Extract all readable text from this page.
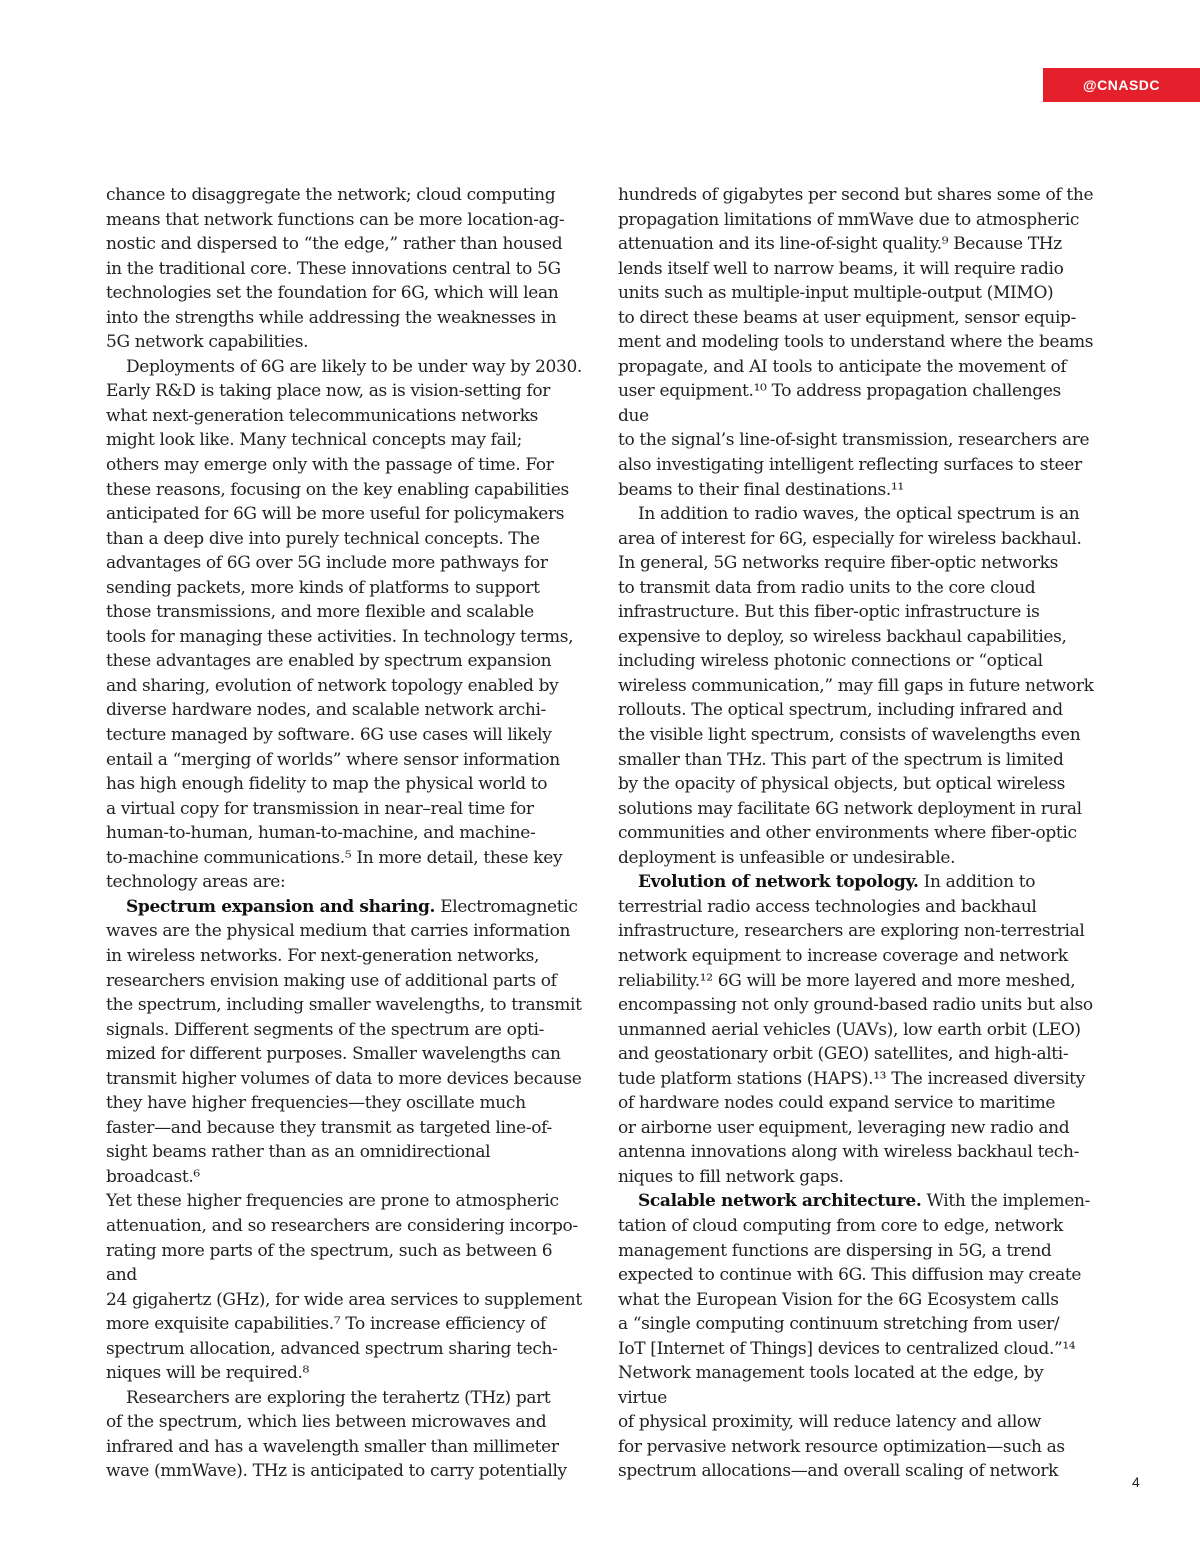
@CNASDC

chance to disaggregate the network; cloud computing
means that network functions can be more location-ag-
nostic and dispersed to “the edge,” rather than housed
in the traditional core. These innovations central to 5G
technologies set the foundation for 6G, which will lean
into the strengths while addressing the weaknesses in
5G network capabilities.

Deployments of 6G are likely to be under way by 2030.
Early R&D is taking place now, as is vision-setting for
what next-generation telecommunications networks
might look like. Many technical concepts may fail;
others may emerge only with the passage of time. For
these reasons, focusing on the key enabling capabilities
anticipated for 6G will be more useful for policymakers
than a deep dive into purely technical concepts. The
advantages of 6G over 5G include more pathways for
sending packets, more kinds of platforms to support
those transmissions, and more flexible and scalable
tools for managing these activities. In technology terms,
these advantages are enabled by spectrum expansion
and sharing, evolution of network topology enabled by
diverse hardware nodes, and scalable network archi-
tecture managed by software. 6G use cases will likely
entail a “merging of worlds” where sensor information
has high enough fidelity to map the physical world to
a virtual copy for transmission in near–real time for
human-to-human, human-to-machine, and machine-
to-machine communications.⁵ In more detail, these key
technology areas are:

Spectrum expansion and sharing. Electromagnetic
waves are the physical medium that carries information
in wireless networks. For next-generation networks,
researchers envision making use of additional parts of
the spectrum, including smaller wavelengths, to transmit
signals. Different segments of the spectrum are opti-
mized for different purposes. Smaller wavelengths can
transmit higher volumes of data to more devices because
they have higher frequencies—they oscillate much
faster—and because they transmit as targeted line-of-
sight beams rather than as an omnidirectional broadcast.⁶
Yet these higher frequencies are prone to atmospheric
attenuation, and so researchers are considering incorpo-
rating more parts of the spectrum, such as between 6 and
24 gigahertz (GHz), for wide area services to supplement
more exquisite capabilities.⁷ To increase efficiency of
spectrum allocation, advanced spectrum sharing tech-
niques will be required.⁸

Researchers are exploring the terahertz (THz) part
of the spectrum, which lies between microwaves and
infrared and has a wavelength smaller than millimeter
wave (mmWave). THz is anticipated to carry potentially

hundreds of gigabytes per second but shares some of the
propagation limitations of mmWave due to atmospheric
attenuation and its line-of-sight quality.⁹ Because THz
lends itself well to narrow beams, it will require radio
units such as multiple-input multiple-output (MIMO)
to direct these beams at user equipment, sensor equip-
ment and modeling tools to understand where the beams
propagate, and AI tools to anticipate the movement of
user equipment.¹⁰ To address propagation challenges due
to the signal’s line-of-sight transmission, researchers are
also investigating intelligent reflecting surfaces to steer
beams to their final destinations.¹¹

In addition to radio waves, the optical spectrum is an
area of interest for 6G, especially for wireless backhaul.
In general, 5G networks require fiber-optic networks
to transmit data from radio units to the core cloud
infrastructure. But this fiber-optic infrastructure is
expensive to deploy, so wireless backhaul capabilities,
including wireless photonic connections or “optical
wireless communication,” may fill gaps in future network
rollouts. The optical spectrum, including infrared and
the visible light spectrum, consists of wavelengths even
smaller than THz. This part of the spectrum is limited
by the opacity of physical objects, but optical wireless
solutions may facilitate 6G network deployment in rural
communities and other environments where fiber-optic
deployment is unfeasible or undesirable.

Evolution of network topology. In addition to
terrestrial radio access technologies and backhaul
infrastructure, researchers are exploring non-terrestrial
network equipment to increase coverage and network
reliability.¹² 6G will be more layered and more meshed,
encompassing not only ground-based radio units but also
unmanned aerial vehicles (UAVs), low earth orbit (LEO)
and geostationary orbit (GEO) satellites, and high-alti-
tude platform stations (HAPS).¹³ The increased diversity
of hardware nodes could expand service to maritime
or airborne user equipment, leveraging new radio and
antenna innovations along with wireless backhaul tech-
niques to fill network gaps.

Scalable network architecture. With the implemen-
tation of cloud computing from core to edge, network
management functions are dispersing in 5G, a trend
expected to continue with 6G. This diffusion may create
what the European Vision for the 6G Ecosystem calls
a “single computing continuum stretching from user/
IoT [Internet of Things] devices to centralized cloud.”¹⁴
Network management tools located at the edge, by virtue
of physical proximity, will reduce latency and allow
for pervasive network resource optimization—such as
spectrum allocations—and overall scaling of network

4
